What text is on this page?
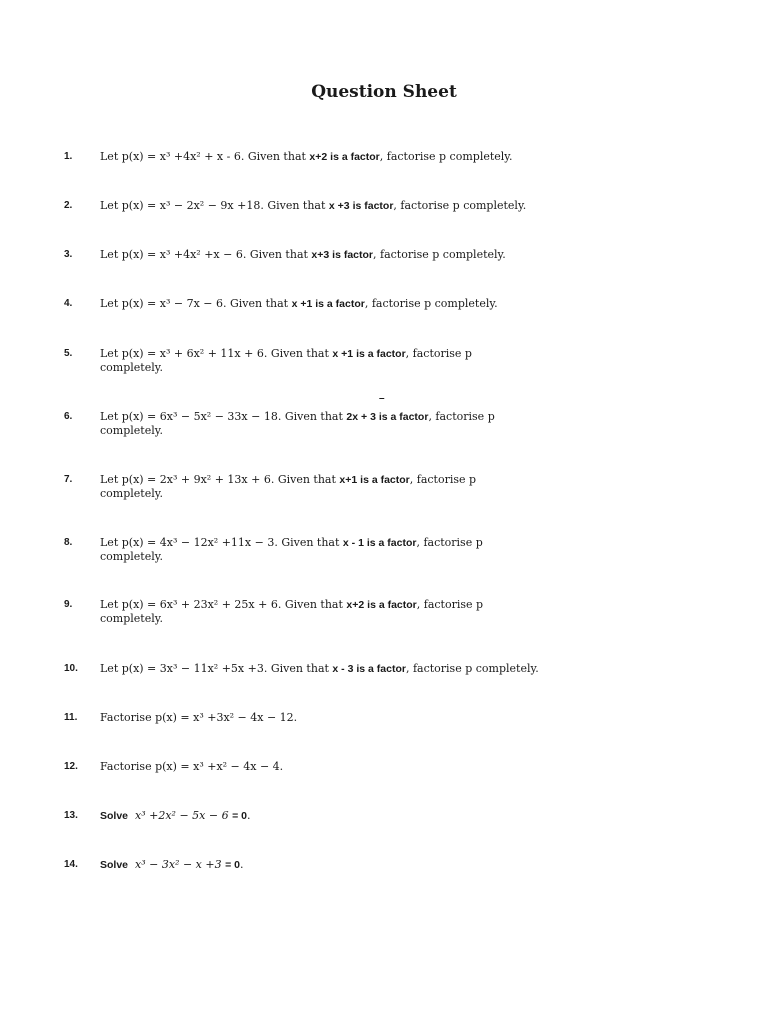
Question Sheet
–
1.	Let p(x) = x³ +4x² + x - 6. Given that x+2 is a factor, factorise p completely.
2.	Let p(x) = x³ − 2x² − 9x +18. Given that x +3 is factor, factorise p completely.
3.	Let p(x) = x³ +4x² +x − 6. Given that x+3 is factor, factorise p completely.
4.	Let p(x) = x³ − 7x − 6. Given that x +1 is a factor, factorise p completely.
5.	Let p(x) = x³ + 6x² + 11x + 6. Given that x +1 is a factor, factorise p completely.
6.	Let p(x) = 6x³ − 5x² − 33x − 18. Given that 2x + 3 is a factor, factorise p completely.
7.	Let p(x) = 2x³ + 9x² + 13x + 6. Given that x+1 is a factor, factorise p completely.
8.	Let p(x) = 4x³ − 12x² +11x − 3. Given that x - 1 is a factor, factorise p completely.
9.	Let p(x) = 6x³ + 23x² + 25x + 6. Given that x+2 is a factor, factorise p completely.
10. Let p(x) = 3x³ − 11x² +5x +3. Given that x - 3 is a factor, factorise p completely.
11. Factorise p(x) = x³ +3x² − 4x − 12.
12. Factorise p(x) = x³ +x² − 4x − 4.
13. Solve x³ +2x² − 5x − 6 = 0.
14. Solve x³ − 3x² − x +3 = 0.
